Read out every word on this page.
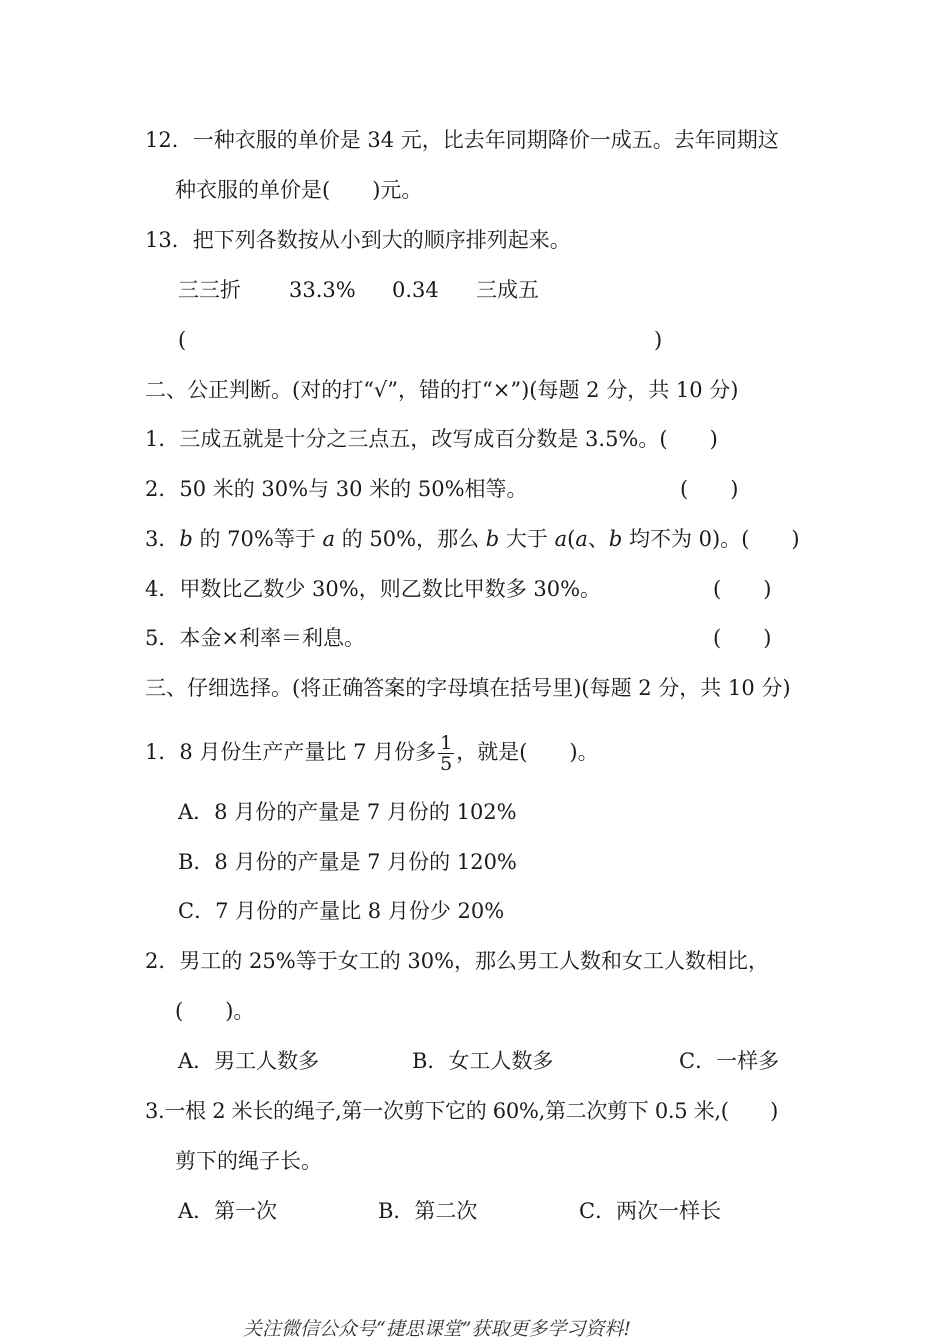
12．一种衣服的单价是 34 元，比去年同期降价一成五。去年同期这
种衣服的单价是(　　)元。
13．把下列各数按从小到大的顺序排列起来。
三三折 33.3% 0.34 三成五
(	)
二、公正判断。(对的打“√”，错的打“×”)(每题 2 分，共 10 分)
1．三成五就是十分之三点五，改写成百分数是 3.5%。(　　)
2．50 米的 30%与 30 米的 50%相等。	(　　)
3．b 的 70%等于 a 的 50%，那么 b 大于 a(a、b 均不为 0)。(　　)
4．甲数比乙数少 30%，则乙数比甲数多 30%。	(　　)
5．本金×利率＝利息。	(　　)
三、仔细选择。(将正确答案的字母填在括号里)(每题 2 分，共 10 分)
1．8 月份生产产量比 7 月份多 $\frac{1}{5}$ ，就是(　　)。
A．8 月份的产量是 7 月份的 102%
B．8 月份的产量是 7 月份的 120%
C．7 月份的产量比 8 月份少 20%
2．男工的 25%等于女工的 30%，那么男工人数和女工人数相比，
(　　)。
A．男工人数多	B．女工人数多	C．一样多
3.一根 2 米长的绳子,第一次剪下它的 60%,第二次剪下 0.5 米,(　　)
剪下的绳子长。
A．第一次	B．第二次	C．两次一样长
关注微信公众号“捷思课堂”获取更多学习资料!
